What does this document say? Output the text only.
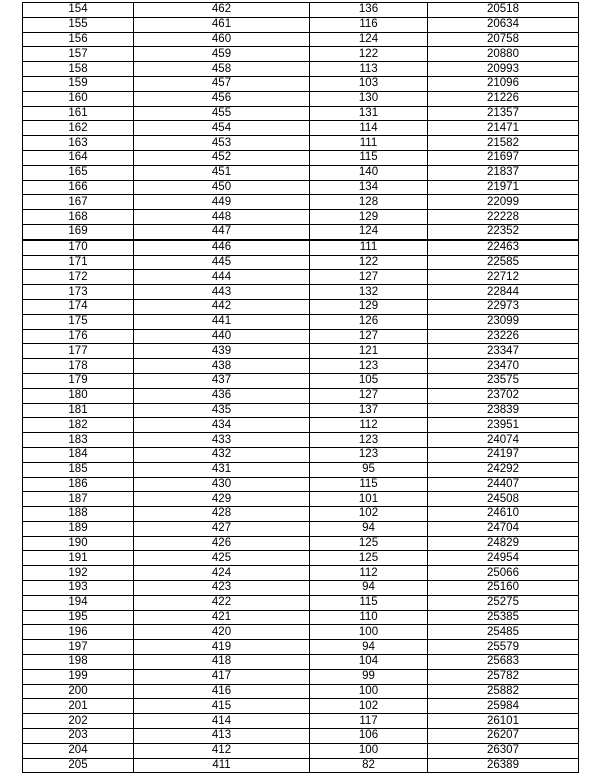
154	462	136	20518
155	461	116	20634
156	460	124	20758
157	459	122	20880
158	458	113	20993
159	457	103	21096
160	456	130	21226
161	455	131	21357
162	454	114	21471
163	453	111	21582
164	452	115	21697
165	451	140	21837
166	450	134	21971
167	449	128	22099
168	448	129	22228
169	447	124	22352
170	446	111	22463
171	445	122	22585
172	444	127	22712
173	443	132	22844
174	442	129	22973
175	441	126	23099
176	440	127	23226
177	439	121	23347
178	438	123	23470
179	437	105	23575
180	436	127	23702
181	435	137	23839
182	434	112	23951
183	433	123	24074
184	432	123	24197
185	431	95	24292
186	430	115	24407
187	429	101	24508
188	428	102	24610
189	427	94	24704
190	426	125	24829
191	425	125	24954
192	424	112	25066
193	423	94	25160
194	422	115	25275
195	421	110	25385
196	420	100	25485
197	419	94	25579
198	418	104	25683
199	417	99	25782
200	416	100	25882
201	415	102	25984
202	414	117	26101
203	413	106	26207
204	412	100	26307
205	411	82	26389
